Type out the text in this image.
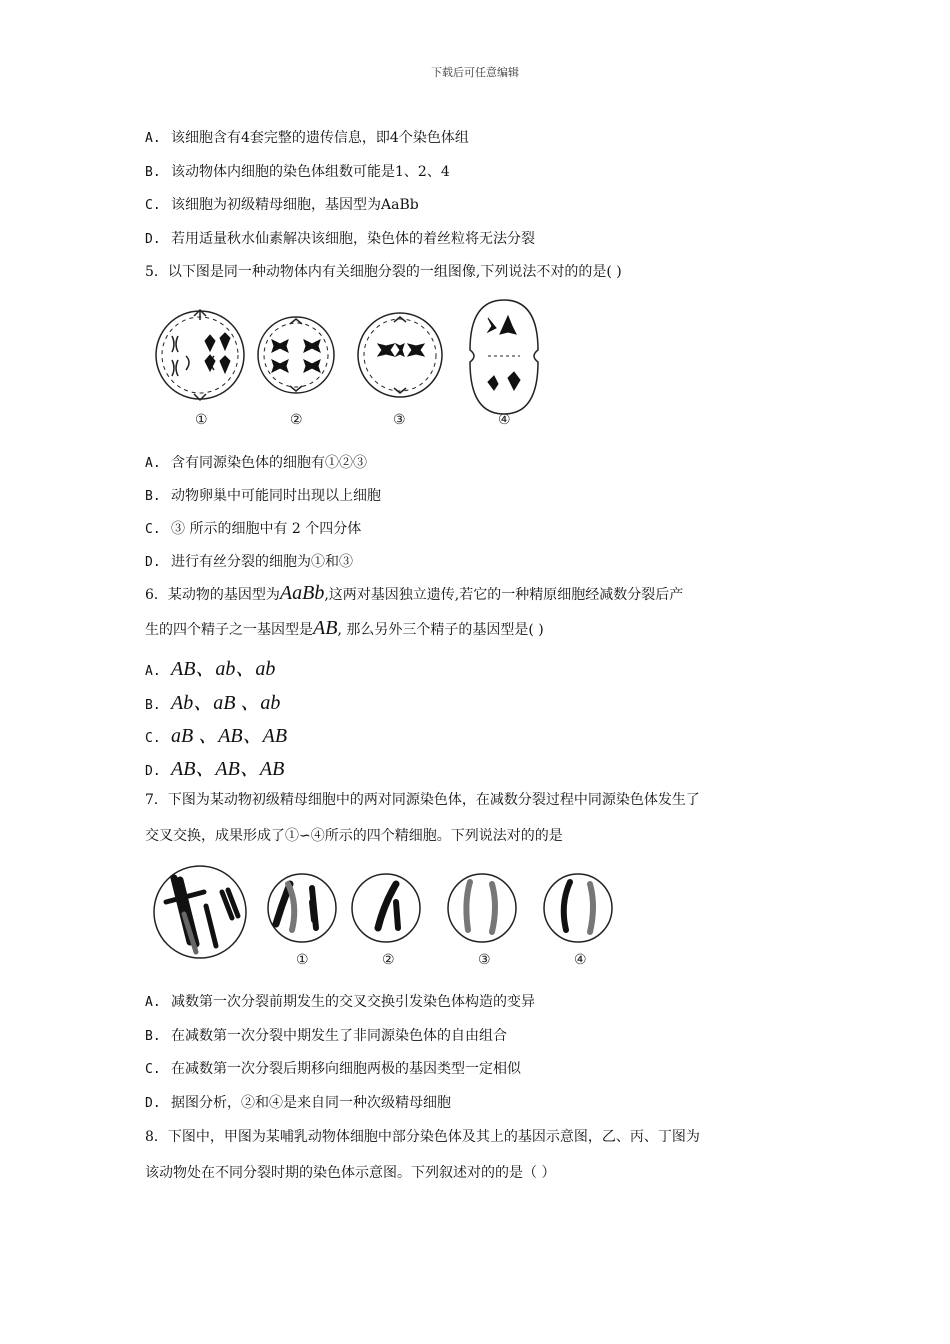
下载后可任意编辑
A. 该细胞含有4套完整的遗传信息，即4个染色体组
B. 该动物体内细胞的染色体组数可能是1、2、4
C. 该细胞为初级精母细胞，基因型为AaBb
D. 若用适量秋水仙素解决该细胞，染色体的着丝粒将无法分裂
5．以下图是同一种动物体内有关细胞分裂的一组图像,下列说法不对的的是( )
①	②	③	④
A. 含有同源染色体的细胞有①②③
B. 动物卵巢中可能同时出现以上细胞
C. ③ 所示的细胞中有 2 个四分体
D. 进行有丝分裂的细胞为①和③
6．某动物的基因型为AaBb,这两对基因独立遗传,若它的一种精原细胞经减数分裂后产
生的四个精子之一基因型是AB, 那么另外三个精子的基因型是( )
A. AB、ab、ab
B. Ab、aB 、ab
C. aB 、AB、AB
D. AB、AB、AB
7．下图为某动物初级精母细胞中的两对同源染色体，在减数分裂过程中同源染色体发生了
交叉交换，成果形成了①∽④所示的四个精细胞。下列说法对的的是
①	②	③	④
A. 减数第一次分裂前期发生的交叉交换引发染色体构造的变异
B. 在减数第一次分裂中期发生了非同源染色体的自由组合
C. 在减数第一次分裂后期移向细胞两极的基因类型一定相似
D. 据图分析，②和④是来自同一种次级精母细胞
8．下图中，甲图为某哺乳动物体细胞中部分染色体及其上的基因示意图，乙、丙、丁图为
该动物处在不同分裂时期的染色体示意图。下列叙述对的的是（ ）
